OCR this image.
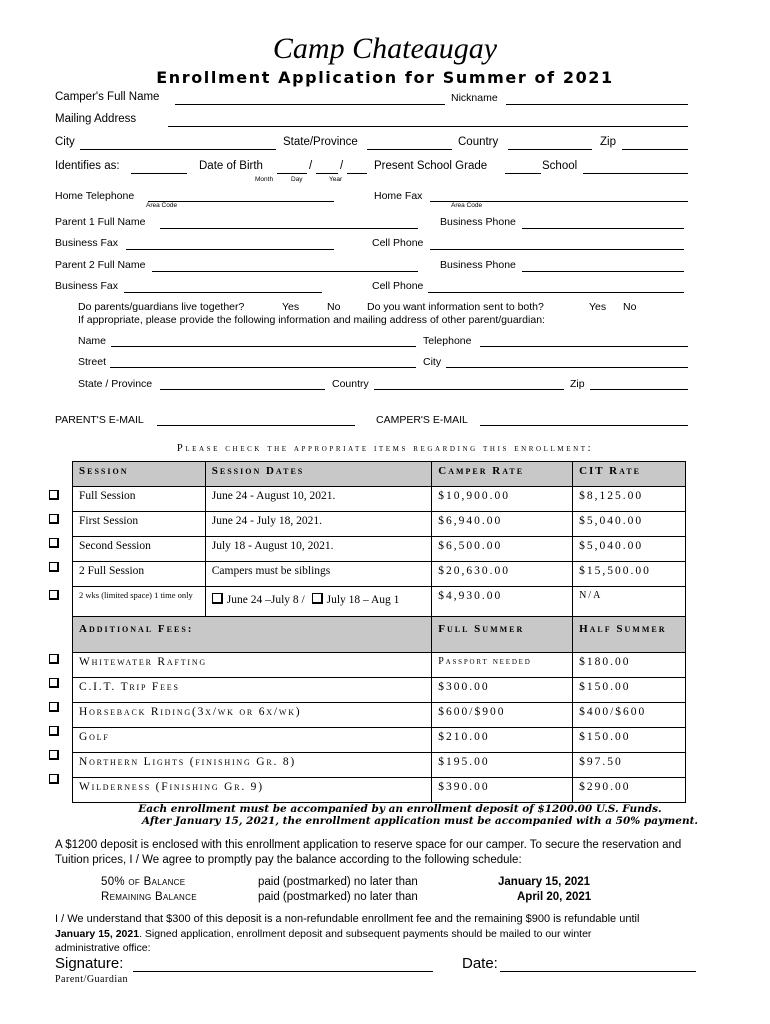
Camp Chateaugay
Enrollment Application for Summer of 2021
Camper's Full Name	Nickname
Mailing Address
City	State/Province	Country	Zip
Identifies as:	Date of Birth	/ /
Month	Day	Year
Present School Grade	School
Home Telephone
Area Code
Home Fax
Area Code
Parent 1 Full Name	Business Phone
Business Fax	Cell Phone
Parent 2 Full Name	Business Phone
Business Fax	Cell Phone
Do parents/guardians live together?	Yes	No	Do you want information sent to both?	Yes No
If appropriate, please provide the following information and mailing address of other parent/guardian:
Name	Telephone
Street	City
State / Province	Country	Zip
PARENT'S E-MAIL	CAMPER'S E-MAIL
Please check the appropriate items regarding this enrollment:
Session	Session Dates	Camper Rate	CIT Rate
Full Session	June 24 - August 10, 2021.	$10,900.00	$8,125.00
First Session	June 24 - July 18, 2021.	$6,940.00	$5,040.00
Second Session	July 18 - August 10, 2021.	$6,500.00	$5,040.00
2 Full Session	Campers must be siblings	$20,630.00	$15,500.00
2 wks (limited space) 1 time only	June 24 –July 8 / July 18 – Aug 1	$4,930.00	N/A
Additional Fees:		Full Summer	Half Summer
Whitewater Rafting		Passport needed	$180.00
C.I.T. Trip Fees		$300.00	$150.00
Horseback Riding(3x/wk or 6x/wk)		$600/$900	$400/$600
Golf		$210.00	$150.00
Northern Lights (finishing Gr. 8)		$195.00	$97.50
Wilderness (Finishing Gr. 9)		$390.00	$290.00
Each enrollment must be accompanied by an enrollment deposit of $1200.00 U.S. Funds.
After January 15, 2021, the enrollment application must be accompanied with a 50% payment.
A $1200 deposit is enclosed with this enrollment application to reserve space for our camper. To secure the reservation and Tuition prices, I / We agree to promptly pay the balance according to the following schedule:
50% of Balance	paid (postmarked) no later than	January 15, 2021
Remaining Balance	paid (postmarked) no later than	April 20, 2021
I / We understand that $300 of this deposit is a non-refundable enrollment fee and the remaining $900 is refundable until
January 15, 2021. Signed application, enrollment deposit and subsequent payments should be mailed to our winter
administrative office:
Signature:	Date:
Parent/Guardian
